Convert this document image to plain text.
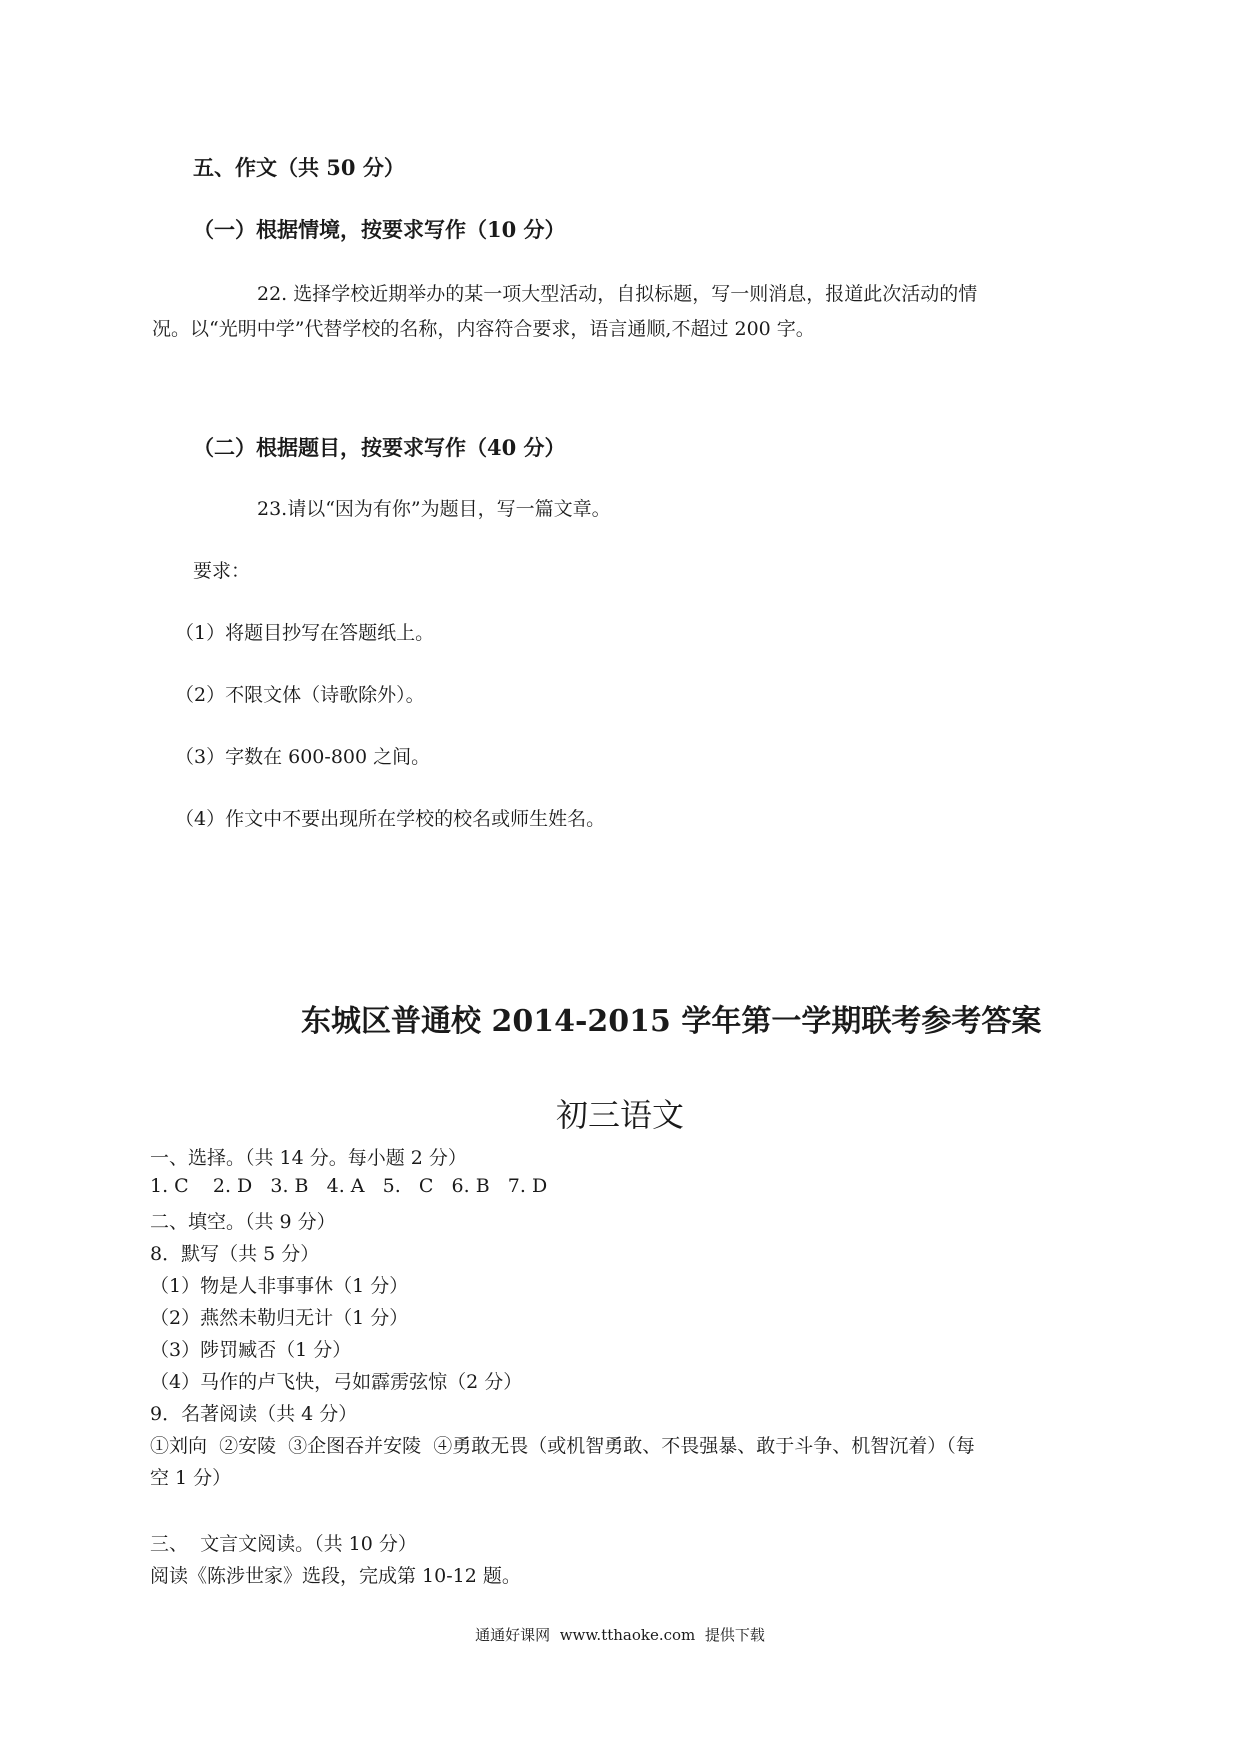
五、作文（共 50 分）
（一）根据情境，按要求写作（10 分）
22. 选择学校近期举办的某一项大型活动，自拟标题，写一则消息，报道此次活动的情
况。以“光明中学”代替学校的名称，内容符合要求，语言通顺,不超过 200 字。
（二）根据题目，按要求写作（40 分）
23.请以“因为有你”为题目，写一篇文章。
要求：
（1）将题目抄写在答题纸上。
（2）不限文体（诗歌除外）。
（3）字数在 600-800 之间。
（4）作文中不要出现所在学校的校名或师生姓名。
东城区普通校 2014-2015 学年第一学期联考参考答案
初三语文
一、选择。（共 14 分。每小题 2 分）
1. C    2. D   3. B   4. A   5.   C   6. B   7. D
二、填空。（共 9 分）
8．默写（共 5 分）
（1）物是人非事事休（1 分）
（2）燕然未勒归无计（1 分）
（3）陟罚臧否（1 分）
（4）马作的卢飞快，弓如霹雳弦惊（2 分）
9．名著阅读（共 4 分）
①刘向  ②安陵  ③企图吞并安陵  ④勇敢无畏（或机智勇敢、不畏强暴、敢于斗争、机智沉着）（每
空 1 分）
三、  文言文阅读。（共 10 分）
阅读《陈涉世家》选段，完成第 10-12 题。
通通好课网  www.tthaoke.com  提供下载
